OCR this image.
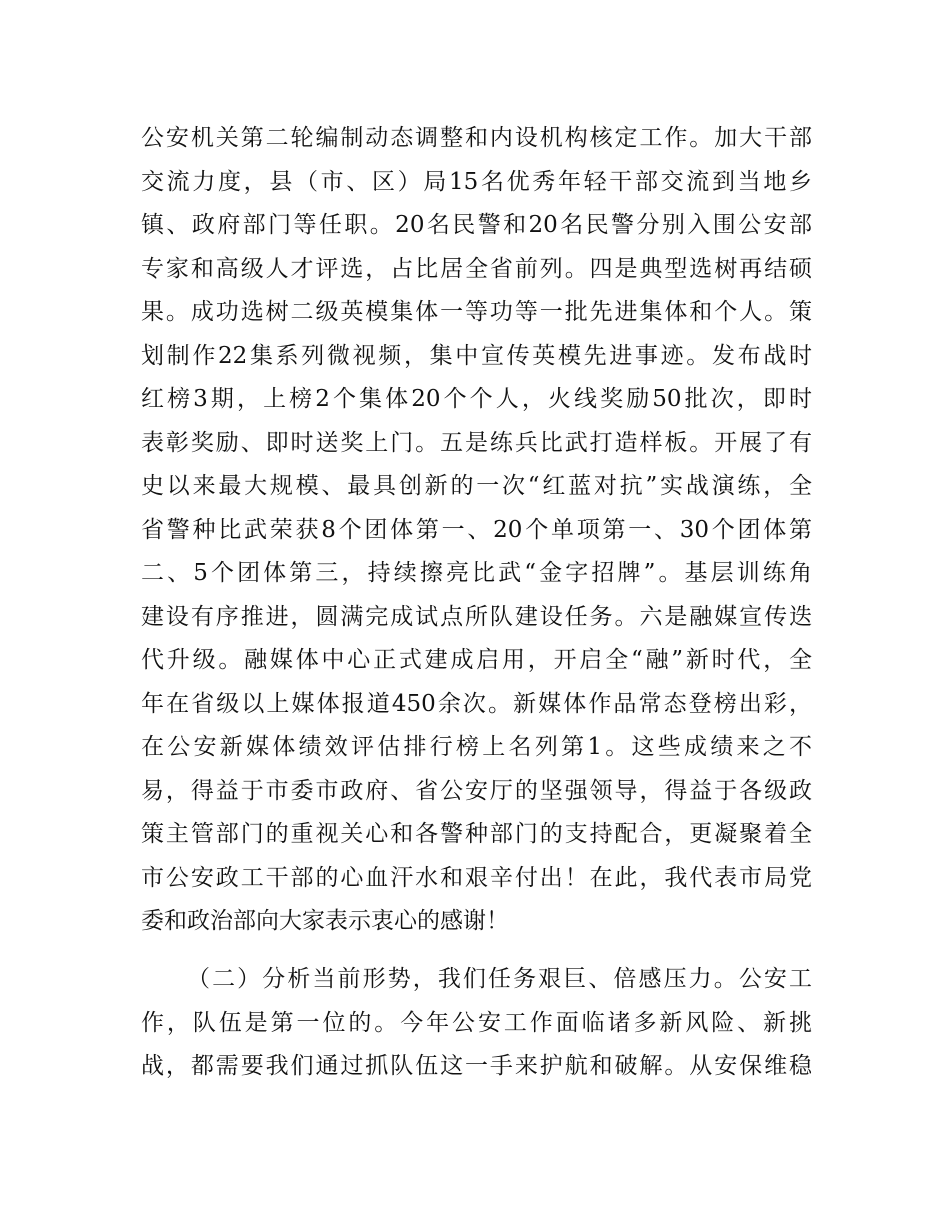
公安机关第二轮编制动态调整和内设机构核定工作。加大干部
交流力度，县（市、区）局15名优秀年轻干部交流到当地乡
镇、政府部门等任职。20名民警和20名民警分别入围公安部
专家和高级人才评选，占比居全省前列。四是典型选树再结硕
果。成功选树二级英模集体一等功等一批先进集体和个人。策
划制作22集系列微视频，集中宣传英模先进事迹。发布战时
红榜3期，上榜2个集体20个个人，火线奖励50批次，即时
表彰奖励、即时送奖上门。五是练兵比武打造样板。开展了有
史以来最大规模、最具创新的一次“红蓝对抗”实战演练，全
省警种比武荣获8个团体第一、20个单项第一、30个团体第
二、5个团体第三，持续擦亮比武“金字招牌”。基层训练角
建设有序推进，圆满完成试点所队建设任务。六是融媒宣传迭
代升级。融媒体中心正式建成启用，开启全“融”新时代，全
年在省级以上媒体报道450余次。新媒体作品常态登榜出彩，
在公安新媒体绩效评估排行榜上名列第1。这些成绩来之不
易，得益于市委市政府、省公安厅的坚强领导，得益于各级政
策主管部门的重视关心和各警种部门的支持配合，更凝聚着全
市公安政工干部的心血汗水和艰辛付出！在此，我代表市局党
委和政治部向大家表示衷心的感谢！
（二）分析当前形势，我们任务艰巨、倍感压力。公安工
作，队伍是第一位的。今年公安工作面临诸多新风险、新挑
战，都需要我们通过抓队伍这一手来护航和破解。从安保维稳
